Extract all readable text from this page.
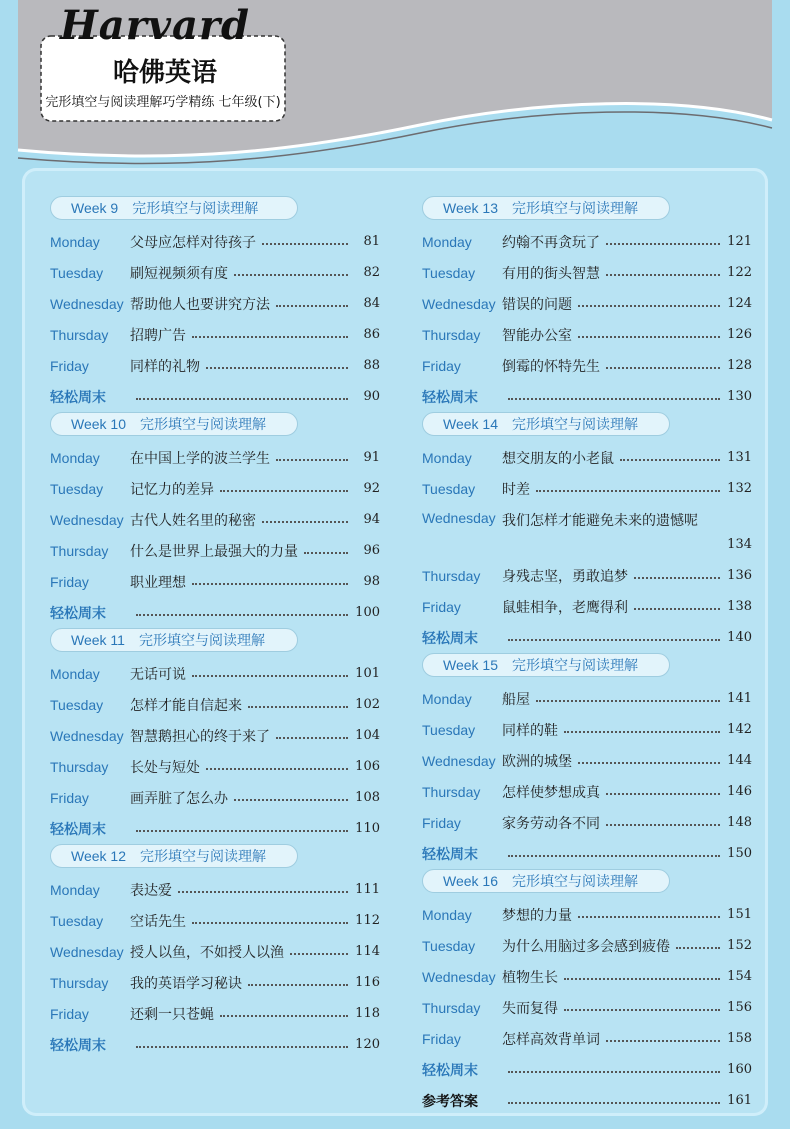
Harvard
哈佛英语
完形填空与阅读理解巧学精练 七年级(下)
Week 9 完形填空与阅读理解
Monday	父母应怎样对待孩子	81
Tuesday	刷短视频须有度	82
Wednesday 帮助他人也要讲究方法	84
Thursday	招聘广告	86
Friday	同样的礼物	88
轻松周末	90
Week 10 完形填空与阅读理解
Monday	在中国上学的波兰学生	91
Tuesday	记忆力的差异	92
Wednesday 古代人姓名里的秘密	94
Thursday	什么是世界上最强大的力量	96
Friday	职业理想	98
轻松周末	100
Week 11 完形填空与阅读理解
Monday	无话可说	101
Tuesday	怎样才能自信起来	102
Wednesday 智慧鹅担心的终于来了	104
Thursday	长处与短处	106
Friday	画弄脏了怎么办	108
轻松周末	110
Week 12 完形填空与阅读理解
Monday	表达爱	111
Tuesday	空话先生	112
Wednesday 授人以鱼，不如授人以渔	114
Thursday	我的英语学习秘诀	116
Friday	还剩一只苍蝇	118
轻松周末	120
Week 13 完形填空与阅读理解
Monday	约翰不再贪玩了	121
Tuesday	有用的街头智慧	122
Wednesday 错误的问题	124
Thursday	智能办公室	126
Friday	倒霉的怀特先生	128
轻松周末	130
Week 14 完形填空与阅读理解
Monday	想交朋友的小老鼠	131
Tuesday	时差	132
Wednesday 我们怎样才能避免未来的遗憾呢
134
Thursday	身残志坚，勇敢追梦	136
Friday	鼠蛙相争，老鹰得利	138
轻松周末	140
Week 15 完形填空与阅读理解
Monday	船屋	141
Tuesday	同样的鞋	142
Wednesday 欧洲的城堡	144
Thursday	怎样使梦想成真	146
Friday	家务劳动各不同	148
轻松周末	150
Week 16 完形填空与阅读理解
Monday	梦想的力量	151
Tuesday	为什么用脑过多会感到疲倦	152
Wednesday 植物生长	154
Thursday	失而复得	156
Friday	怎样高效背单词	158
轻松周末	160
参考答案	161
